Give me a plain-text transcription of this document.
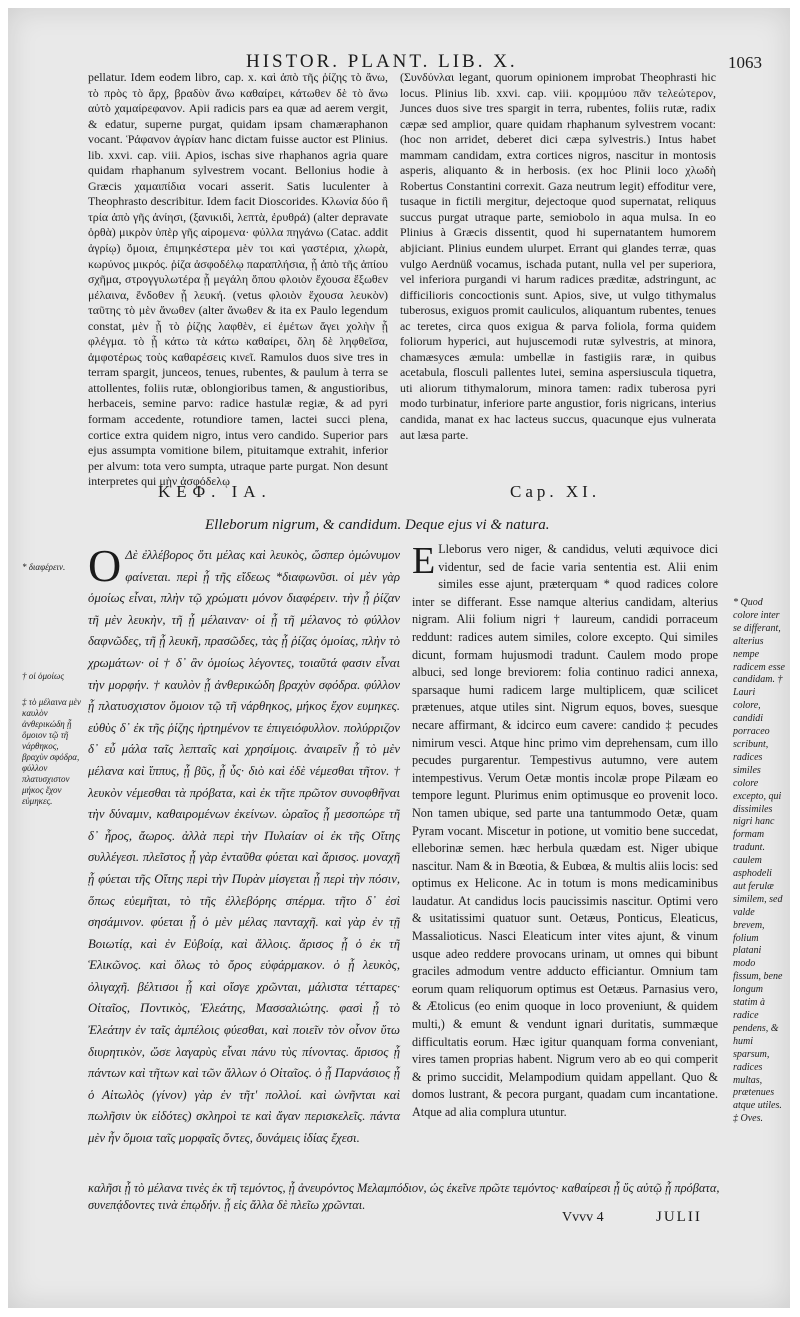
HISTOR. PLANT. LIB. X.	1063

pellatur. Idem eodem libro, cap. x. καὶ ἀπὸ τῆς ῥίζης τὸ ἄνω, τὸ πρὸς τὸ ἄρχ, βραδὺν ἄνω καθαίρει, κάτωθεν δὲ τὸ ἄνω αὐτὸ χαμαίρεφανον. Apii radicis pars ea quæ ad aerem vergit, & edatur, superne purgat, quidam ipsam chamæraphanon vocant. Ῥάφανον ἀγρίαν hanc dictam fuisse auctor est Plinius. lib. xxvi. cap. viii. Apios, ischas sive rhaphanos agria quare quidam rhaphanum sylvestrem vocant. Bellonius hodie à Græcis χαμαιπίδια vocari asserit. Satis luculenter à Theophrasto describitur. Idem facit Dioscorides. Κλωνία δύο ἢ τρία ἀπὸ γῆς ἀνίησι, (ξανικιδὶ, λεπτὰ, ἐρυθρά) (alter depravate ὀρθὰ) μικρὸν ὑπὲρ γῆς αἰρομενα· φύλλα πηγάνω (Catac. addit ἀγρίῳ) ὅμοια, ἐπιμηκέστερα μὲν τοι καὶ γαστέρια, χλωρὰ, κωρύνος μικρός. ῥίζα ἀσφοδέλῳ παραπλήσια, ᾗ ἀπὸ τῆς ἀπίου σχῆμα, στρογγυλωτέρα ᾗ μεγάλη ὅπου φλοιὸν ἔχουσα ἔξωθεν μέλαινα, ἔνδοθεν ᾗ λευκή. (vetus φλοιὸν ἔχουσα λευκὸν) ταῦτης τὸ μὲν ἄνωθεν (alter ἄνωθεν & ita ex Paulo legendum constat, μὲν ᾗ τὸ ῥίζης λαφθὲν, εἰ ἐμέτων ἄγει χολὴν ᾗ φλέγμα. τὸ ᾗ κάτω τὰ κάτω καθαίρει, ὅλη δὲ ληφθεῖσα, ἀμφοτέρως τοὺς καθαρέσεις κινεῖ. Ramulos duos sive tres in terram spargit, junceos, tenues, rubentes, & paulum à terra se attollentes, foliis rutæ, oblongioribus tamen, & angustioribus, herbaceis, semine parvo: radice hastulæ regiæ, & ad pyri formam accedente, rotundiore tamen, lactei succi plena, cortice extra quidem nigro, intus vero candido. Superior pars ejus assumpta vomitione bilem, pituitamque extrahit, inferior per alvum: tota vero sumpta, utraque parte purgat. Non desunt interpretes qui μὴν ἀσφόδελῳ

(Συνδύνλαι legant, quorum opinionem improbat Theophrasti hic locus. Plinius lib. xxvi. cap. viii. κρομμύου πᾶν τελεώτερον, Junces duos sive tres spargit in terra, rubentes, foliis rutæ, radix cæpæ sed amplior, quare quidam rhaphanum sylvestrem vocant: (hoc non arridet, deberet dici cæpa sylvestris.) Intus habet mammam candidam, extra cortices nigros, nascitur in montosis asperis, aliquanto & in herbosis. (ex hoc Plinii loco χλωδὴ Robertus Constantini correxit. Gaza neutrum legit) effoditur vere, tusaque in fictili mergitur, dejectoque quod supernatat, reliquus succus purgat utraque parte, semiobolo in aqua mulsa. In eo Plinius à Græcis dissentit, quod hi supernatantem humorem abjiciant. Plinius eundem ulurpet. Errant qui glandes terræ, quas vulgo Aerdnüß vocamus, ischada putant, nulla vel per superiora, vel inferiora purgandi vi harum radices præditæ, adstringunt, ac difficilioris concoctionis sunt. Apios, sive, ut vulgo tithymalus tuberosus, exiguos promit cauliculos, aliquantum rubentes, tenues ac teretes, circa quos exigua & parva foliola, forma quidem foliorum hyperici, aut hujuscemodi rutæ sylvestris, at minora, chamæsyces æmula: umbellæ in fastigiis raræ, in quibus acetabula, flosculi pallentes lutei, semina aspersiuscula tiquetra, uti aliorum tithymalorum, minora tamen: radix tuberosa pyri modo turbinatur, inferiore parte angustior, foris nigricans, interius candida, manat ex hac lacteus succus, quacunque ejus vulnerata aut læsa parte.

ΚΕΦ. ΙΑ.	Cap. XI.
Elleborum nigrum, & candidum. Deque ejus vi & natura.
* διαφέρειν.
† οἱ ὁμοίως
‡ τὸ μέλαινα μὲν καυλὸν ἀνθερικώδη ᾗ ὅμοιον τῷ τῆ νάρθηκος, βραχὺν σφόδρα, φύλλον πλατυσχιστον μήκος ἔχον εὐμηκες.
Ο Δὲ ἐλλέβορος ὅτι μέλας καὶ λευκὸς, ὥσπερ ὁμώνυμον φαίνεται. περὶ ᾗ τῆς εἴδεως *διαφωνῦσι. οἱ μὲν γὰρ ὁμοίως εἶναι, πλὴν τῷ χρώματι μόνον διαφέρειν. τὴν ᾗ ῥίζαν τῆ μὲν λευκὴν, τῆ ᾗ μέλαιναν· οἱ ᾗ τῆ μέλανος τὸ φύλλον δαφνῶδες, τῆ ᾗ λευκῆ, πρασῶδες, τὰς ᾗ ῥίζας ὁμοίας, πλὴν τὸ χρωμάτων· οἱ † δ᾽ ἂν ὁμοίως λέγοντες, τοιαῦτά φασιν εἶναι τὴν μορφήν. † καυλὸν ᾗ ἀνθερικώδη βραχὺν σφόδρα. φύλλον ᾗ πλατυσχιστον ὅμοιον τῷ τῆ νάρθηκος, μήκος ἔχον ευμηκες. εὐθὺς δ᾽ ἐκ τῆς ῥίζης ἠρτημένον τε ἐπιγειόφυλλον. πολύρριζον δ᾽ εὖ μάλα ταῖς λεπταῖς καὶ χρησίμοις. ἀναιρεῖν ᾗ τὸ μὲν μέλανα καὶ ἵππυς, ᾗ βῦς, ᾗ ὗς· διὸ καὶ ἐδὲ νέμεσθαι τῆτον. † λευκὸν νέμεσθαι τὰ πρόβατα, καὶ ἐκ τῆτε πρῶτον συνοφθῆναι τὴν δύναμιν, καθαιρομένων ἐκείνων. ὡραῖος ᾗ μεσοπώρε τῆ δ᾽ ἦρος, ἄωρος. ἀλλὰ περὶ τὴν Πυλαίαν οἱ ἐκ τῆς Οἴτης συλλέγεσι. πλεῖστος ᾗ γὰρ ἐνταῦθα φύεται καὶ ἄρισος. μοναχῆ ᾗ φύεται τῆς Οἴτης περὶ τὴν Πυρὰν μίσγεται ᾗ περὶ τὴν πόσιν, ὅπως εὐεμῆται, τὸ τῆς ἐλλεβόρης σπέρμα. τῆτο δ᾽ ἐσὶ σησάμινον. φύεται ᾗ ὁ μὲν μέλας πανταχῆ. καὶ γὰρ ἐν τῇ Βοιωτίᾳ, καὶ ἐν Εὐβοίᾳ, καὶ ἄλλοις. ἄρισος ᾗ ὁ ἐκ τῆ Ἑλικῶνος. καὶ ὅλως τὸ ὄρος εὐφάρμακον. ὁ ᾗ λευκὸς, ὀλιγαχῆ. βέλτισοι ᾗ καὶ οἵσγε χρῶνται, μάλιστα τέτταρες· Οἰταῖος, Ποντικὸς, Ἐλεάτης, Μασσαλιώτης. φασὶ ᾗ τὸ Ἐλεάτην ἐν ταῖς ἀμπέλοις φύεσθαι, καὶ ποιεῖν τὸν οἶνον ὕτω διυρητικὸν, ὥσε λαγαρὺς εἶναι πάνυ τὺς πίνοντας. ἄρισος ᾗ πάντων καὶ τῆτων καὶ τῶν ἄλλων ὁ Οἰταῖος. ὁ ᾗ Παρνάσιος ᾗ ὁ Αἰτωλὸς (γίνον) γὰρ ἐν τῆτ' πολλοί. καὶ ὠνῆνται καὶ πωλῆσιν ὺκ εἰδότες) σκληροὶ τε καὶ ἄγαν περισκελεῖς. πάντα μὲν ἦν ὅμοια ταῖς μορφαῖς ὄντες, δυνάμεις ἰδίας ἔχεσι.
E Lleborus vero niger, & candidus, veluti æquivoce dici videntur, sed de facie varia sententia est. Alii enim similes esse ajunt, præterquam * quod radices colore inter se differant. Esse namque alterius candidam, alterius nigram. Alii folium nigri † laureum, candidi porraceum reddunt: radices autem similes, colore excepto. Qui similes dicunt, formam hujusmodi tradunt. Caulem modo prope albuci, sed longe breviorem: folia continuo radici annexa, sparsaque humi radicem large multiplicem, quæ scilicet prætenues, atque utiles sint. Nigrum equos, boves, suesque necare affirmant, & idcirco eum cavere: candido ‡ pecudes nimirum vesci. Atque hinc primo vim deprehensam, cum illo pecudes purgarentur. Tempestivus autumno, vere autem intempestivus. Verum Oetæ montis incolæ prope Pilæam eo tempore legunt. Plurimus enim optimusque eo provenit loco. Non tamen ubique, sed parte una tantummodo Oetæ, quam Pyram vocant. Miscetur in potione, ut vomitio bene succedat, elleborinæ semen. hæc herbula quædam est. Niger ubique nascitur. Nam & in Bœotia, & Eubœa, & multis aliis locis: sed optimus ex Helicone. Ac in totum is mons medicaminibus laudatur. At candidus locis paucissimis nascitur. Optimi vero & usitatissimi quatuor sunt. Oetæus, Ponticus, Eleaticus, Massalioticus. Nasci Eleaticum inter vites ajunt, & vinum usque adeo reddere provocans urinam, ut omnes qui bibunt graciles admodum ventre adducto efficiantur. Omnium tam eorum quam reliquorum optimus est Oetæus. Parnasius vero, & Ætolicus (eo enim quoque in loco proveniunt, & quidem multi,) & emunt & vendunt ignari duritatis, summæque difficultatis eorum. Hæc igitur quanquam forma conveniant, vires tamen proprias habent. Nigrum vero ab eo qui comperit & primo succidit, Melampodium quidam appellant. Quo & domos lustrant, & pecora purgant, quadam cum incantatione. Atque ad alia complura utuntur.
* Quod colore inter se differant, alterius nempe radicem esse candidam. † Lauri colore, candidi porraceo scribunt, radices similes colore excepto, qui dissimiles nigri hanc formam tradunt. caulem asphodeli aut ferulæ similem, sed valde brevem, folium platani modo fissum, bene longum statim à radice pendens, & humi sparsum, radices multas, prætenues atque utiles. ‡ Oves.
καλῆσι ᾗ τὸ μέλανα τινὲς ἐκ τῆ τεμόντος, ᾗ ἀνευρόντος Μελαμπόδιον, ὡς ἐκεῖνε πρῶτε τεμόντος· καθαίρεσι ᾗ ὕς αὐτῷ ᾗ πρόβατα, συνεπᾴδοντες τινὰ ἐπῳδήν. ᾗ εἰς ἄλλα δὲ πλεῖω χρῶνται.
Vvvv 4	JULII
